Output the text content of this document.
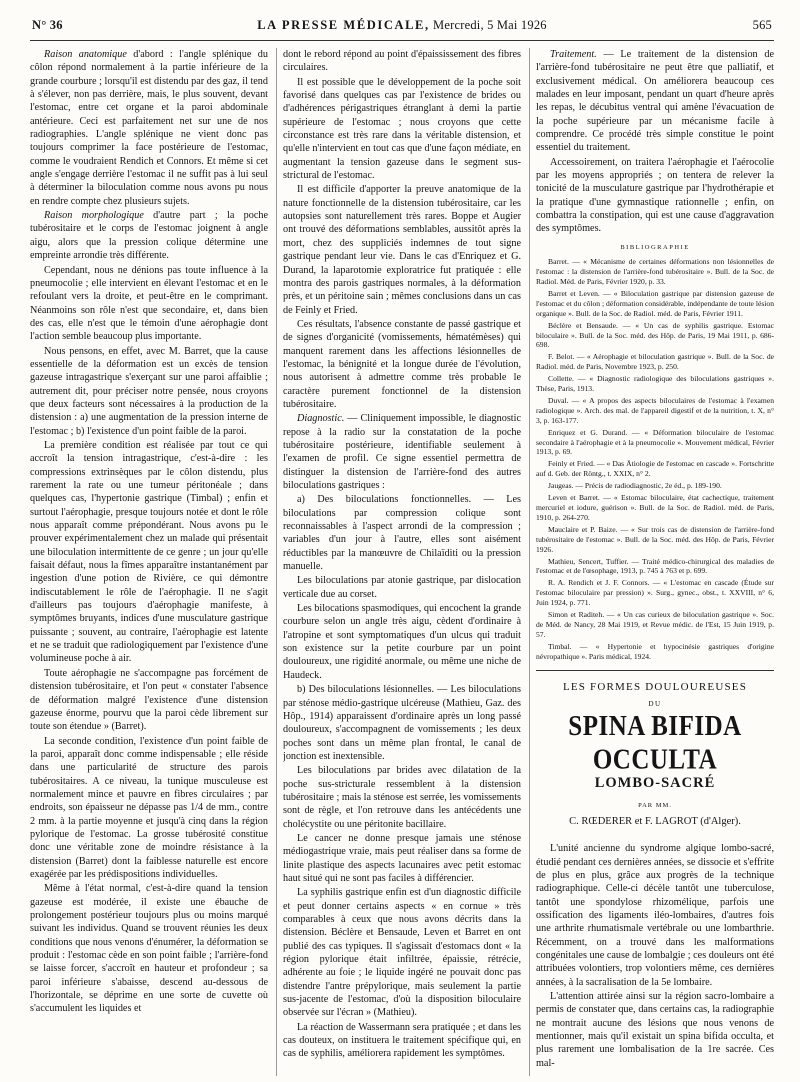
N° 36	LA PRESSE MÉDICALE, Mercredi, 5 Mai 1926	565

Raison anatomique d'abord : l'angle splénique du côlon répond normalement à la partie inférieure de la grande courbure ; lorsqu'il est distendu par des gaz, il tend à s'élever, non pas derrière, mais, le plus souvent, devant l'estomac, entre cet organe et la paroi abdominale antérieure. Ceci est parfaitement net sur une de nos radiographies. L'angle splénique ne vient donc pas toujours comprimer la face postérieure de l'estomac, comme le voudraient Rendich et Connors. Et même si cet angle s'engage derrière l'estomac il ne suffit pas à lui seul à déterminer la biloculation comme nous avons pu nous en rendre compte chez plusieurs sujets.

Raison morphologique d'autre part ; la poche tubérositaire et le corps de l'estomac joignent à angle aigu, alors que la pression colique détermine une empreinte arrondie très différente.

Cependant, nous ne dénions pas toute influence à la pneumocolie ; elle intervient en élevant l'estomac et en le refoulant vers la droite, et peut-être en le comprimant. Néanmoins son rôle n'est que secondaire, et, dans bien des cas, elle n'est que le témoin d'une aérophagie dont l'action semble beaucoup plus importante.

Nous pensons, en effet, avec M. Barret, que la cause essentielle de la déformation est un excès de tension gazeuse intragastrique s'exerçant sur une paroi affaiblie ; autrement dit, pour préciser notre pensée, nous croyons que deux facteurs sont nécessaires à la production de la distension : a) une augmentation de la pression interne de l'estomac ; b) l'existence d'un point faible de la paroi.

La première condition est réalisée par tout ce qui accroît la tension intragastrique, c'est-à-dire : les compressions extrinsèques par le côlon distendu, plus rarement la rate ou une tumeur péritonéale ; dans quelques cas, l'hypertonie gastrique (Timbal) ; enfin et surtout l'aérophagie, presque toujours notée et dont le rôle nous apparaît comme prépondérant. Nous avons pu le prouver expérimentalement chez un malade qui présentait une biloculation intermittente de ce genre ; un jour qu'elle faisait défaut, nous la fîmes apparaître instantanément par ingestion d'une potion de Rivière, ce qui démontre indiscutablement le rôle de l'aérophagie. Il ne s'agit d'ailleurs pas toujours d'aérophagie manifeste, à symptômes bruyants, indices d'une musculature gastrique puissante ; souvent, au contraire, l'aérophagie est latente et ne se traduit que radiologiquement par l'existence d'une volumineuse poche à air.

Toute aérophagie ne s'accompagne pas forcément de distension tubérositaire, et l'on peut « constater l'absence de déformation malgré l'existence d'une distension gazeuse énorme, pourvu que la paroi cède librement sur toute son étendue » (Barret).

La seconde condition, l'existence d'un point faible de la paroi, apparaît donc comme indispensable ; elle réside dans une particularité de structure des parois tubérositaires. A ce niveau, la tunique musculeuse est normalement mince et pauvre en fibres circulaires ; par endroits, son épaisseur ne dépasse pas 1/4 de mm., contre 2 mm. à la partie moyenne et jusqu'à cinq dans la région pylorique de l'estomac. La grosse tubérosité constitue donc une véritable zone de moindre résistance à la distension (Barret) dont la faiblesse naturelle est encore exagérée par les prédispositions individuelles.

Même à l'état normal, c'est-à-dire quand la tension gazeuse est modérée, il existe une ébauche de prolongement postérieur toujours plus ou moins marqué suivant les individus. Quand se trouvent réunies les deux conditions que nous venons d'énumérer, la déformation se produit : l'estomac cède en son point faible ; l'arrière-fond se laisse forcer, s'accroît en hauteur et profondeur ; sa paroi inférieure s'abaisse, descend au-dessous de l'horizontale, se déprime en une sorte de cuvette où s'accumulent les liquides et

dont le rebord répond au point d'épaississement des fibres circulaires.

Il est possible que le développement de la poche soit favorisé dans quelques cas par l'existence de brides ou d'adhérences périgastriques étranglant à demi la partie supérieure de l'estomac ; nous croyons que cette circonstance est très rare dans la véritable distension, et qu'elle n'intervient en tout cas que d'une façon médiate, en augmentant la tension gazeuse dans le segment sus-strictural de l'estomac.

Il est difficile d'apporter la preuve anatomique de la nature fonctionnelle de la distension tubérositaire, car les autopsies sont naturellement très rares. Boppe et Augier ont trouvé des déformations semblables, aussitôt après la mort, chez des suppliciés indemnes de tout signe gastrique pendant leur vie. Dans le cas d'Enriquez et G. Durand, la laparotomie exploratrice fut pratiquée : elle montra des parois gastriques normales, à la déformation près, et un péritoine sain ; mêmes conclusions dans un cas de Feinly et Fried.

Ces résultats, l'absence constante de passé gastrique et de signes d'organicité (vomissements, hématémèses) qui manquent rarement dans les affections lésionnelles de l'estomac, la bénignité et la longue durée de l'évolution, nous autorisent à admettre comme très probable le caractère purement fonctionnel de la distension tubérositaire.

Diagnostic. — Cliniquement impossible, le diagnostic repose à la radio sur la constatation de la poche tubérositaire postérieure, identifiable seulement à l'examen de profil. Ce signe essentiel permettra de distinguer la distension de l'arrière-fond des autres biloculations gastriques :

a) Des biloculations fonctionnelles. — Les biloculations par compression colique sont reconnaissables à l'aspect arrondi de la compression ; variables d'un jour à l'autre, elles sont aisément réductibles par la manœuvre de Chilaïditi ou la pression manuelle.

Les biloculations par atonie gastrique, par dislocation verticale due au corset.

Les bilocations spasmodiques, qui encochent la grande courbure selon un angle très aigu, cèdent d'ordinaire à l'atropine et sont symptomatiques d'un ulcus qui traduit son existence sur la petite courbure par un point douloureux, une rigidité anormale, ou même une niche de Haudeck.

b) Des biloculations lésionnelles. — Les biloculations par sténose médio-gastrique ulcéreuse (Mathieu, Gaz. des Hôp., 1914) apparaissent d'ordinaire après un long passé douloureux, s'accompagnent de vomissements ; les deux poches sont dans un même plan frontal, le canal de jonction est inextensible.

Les biloculations par brides avec dilatation de la poche sus-stricturale ressemblent à la distension tubérositaire ; mais la sténose est serrée, les vomissements sont de règle, et l'on retrouve dans les antécédents une cholécystite ou une péritonite bacillaire.

Le cancer ne donne presque jamais une sténose médiogastrique vraie, mais peut réaliser dans sa forme de linite plastique des aspects lacunaires avec petit estomac haut situé qui ne sont pas faciles à différencier.

La syphilis gastrique enfin est d'un diagnostic difficile et peut donner certains aspects « en cornue » très comparables à ceux que nous avons décrits dans la distension. Béclère et Bensaude, Leven et Barret en ont publié des cas typiques. Il s'agissait d'estomacs dont « la région pylorique était infiltrée, épaissie, rétrécie, adhérente au foie ; le liquide ingéré ne pouvait donc pas distendre l'antre prépylorique, mais seulement la partie sus-jacente de l'estomac, d'où la disposition biloculaire observée sur l'écran » (Mathieu).

La réaction de Wassermann sera pratiquée ; et dans les cas douteux, on instituera le traitement spécifique qui, en cas de syphilis, améliorera rapidement les symptômes.

Traitement. — Le traitement de la distension de l'arrière-fond tubérositaire ne peut être que palliatif, et exclusivement médical. On améliorera beaucoup ces malades en leur imposant, pendant un quart d'heure après les repas, le décubitus ventral qui amène l'évacuation de la poche supérieure par un mécanisme facile à comprendre. Ce procédé très simple constitue le point essentiel du traitement.

Accessoirement, on traitera l'aérophagie et l'aérocolie par les moyens appropriés ; on tentera de relever la tonicité de la musculature gastrique par l'hydrothérapie et la pratique d'une gymnastique rationnelle ; enfin, on combattra la constipation, qui est une cause d'aggravation des symptômes.

BIBLIOGRAPHIE

Barret. — « Mécanisme de certaines déformations non lésionnelles de l'estomac : la distension de l'arrière-fond tubérositaire ». Bull. de la Soc. de Radiol. Méd. de Paris, Février 1920, p. 33.

Barret et Leven. — « Biloculation gastrique par distension gazeuse de l'estomac et du côlon ; déformation considérable, indépendante de toute lésion organique ». Bull. de la Soc. de Radiol. méd. de Paris, Février 1911.

Béclère et Bensaude. — « Un cas de syphilis gastrique. Estomac biloculaire ». Bull. de la Soc. méd. des Hôp. de Paris, 19 Mai 1911, p. 686-698.

F. Belot. — « Aérophagie et biloculation gastrique ». Bull. de la Soc. de Radiol. méd. de Paris, Novembre 1923, p. 250.

Collette. — « Diagnostic radiologique des biloculations gastriques ». Thèse, Paris, 1913.

Duval. — « A propos des aspects biloculaires de l'estomac à l'examen radiologique ». Arch. des mal. de l'appareil digestif et de la nutrition, t. X, n° 3, p. 163-177.

Enriquez et G. Durand. — « Déformation biloculaire de l'estomac secondaire à l'aérophagie et à la pneumocolie ». Mouvement médical, Février 1913, p. 69.

Feinly et Fried. — « Das Ätiologie de l'estomac en cascade ». Fortschritte auf d. Geb. der Röntg., t. XXIX, n° 2.

Jaugeas. — Précis de radiodiagnostic, 2e éd., p. 189-190.

Leven et Barret. — « Estomac biloculaire, état cachectique, traitement mercuriel et iodure, guérison ». Bull. de la Soc. de Radiol. méd. de Paris, 1910, p. 264-270.

Mauclaire et P. Baize. — « Sur trois cas de distension de l'arrière-fond tubérositaire de l'estomac ». Bull. de la Soc. méd. des Hôp. de Paris, Février 1926.

Mathieu, Sencert, Tuffier. — Traité médico-chirurgical des maladies de l'estomac et de l'œsophage, 1913, p. 745 à 763 et p. 699.

R. A. Rendich et J. F. Connors. — « L'estomac en cascade (Étude sur l'estomac biloculaire par pression) ». Surg., gynec., obst., t. XXVIII, n° 6, Juin 1924, p. 771.

Simon et Raditeh. — « Un cas curieux de biloculation gastrique ». Soc. de Méd. de Nancy, 28 Mai 1919, et Revue médic. de l'Est, 15 Juin 1919, p. 57.

Timbal. — « Hypertonie et hypocinésie gastriques d'origine névropathique ». Paris médical, 1924.

LES FORMES DOULOUREUSES
DU
SPINA BIFIDA OCCULTA
LOMBO-SACRÉ
PAR MM.
C. RŒDERER et F. LAGROT (d'Alger).

L'unité ancienne du syndrome algique lombo-sacré, étudié pendant ces dernières années, se dissocie et s'effrite de plus en plus, grâce aux progrès de la technique radiographique. Celle-ci décèle tantôt une tuberculose, tantôt une spondylose rhizomélique, parfois une ossification des ligaments iléo-lombaires, d'autres fois une arthrite rhumatismale vertébrale ou une lombarthrie. Récemment, on a trouvé dans les malformations congénitales une cause de lombalgie ; ces douleurs ont été attribuées volontiers, trop volontiers même, ces dernières années, à la sacralisation de la 5e lombaire.

L'attention attirée ainsi sur la région sacro-lombaire a permis de constater que, dans certains cas, la radiographie ne montrait aucune des lésions que nous venons de mentionner, mais qu'il existait un spina bifida occulta, et plus rarement une lombalisation de la 1re sacrée. Ces mal-
